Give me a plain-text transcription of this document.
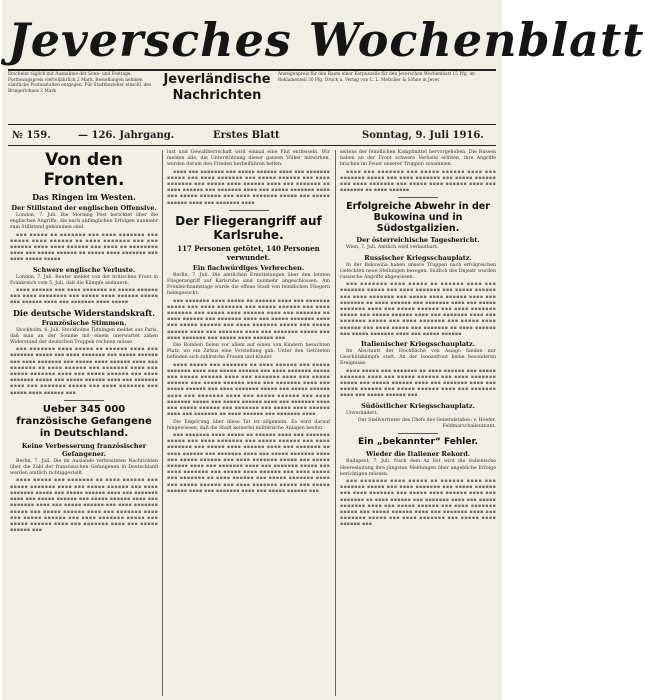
Jeversches Wochenblatt
Erscheint täglich mit Ausnahme der Sonn- und Festtage. Postbezugspreis vierteljährlich 2 Mark, Bestellungen nehmen sämtliche Postanstalten entgegen. Für Stadtbezieher einschl. des Bringerlohnes 2 Mark
Jeverländische
Nachrichten
Anzeigenpreis für den Raum einer Korpuszeile für den Jeverschen Wochenblatt 15 Pfg. im Reklamenteil 30 Pfg. Druck u. Verlag von C. L. Mettcker & Söhne in Jever
№ 159.	— 126. Jahrgang.	Erstes Blatt	Sonntag, 9. Juli 1916.
Von den Fronten.
Das Ringen im Westen.
Der Stillstand der englischen Offensive.

London, 7. Juli. Die Morning Post berichtet über die englischen Angriffe, die nach anfänglichen Erfolgen nunmehr zum Stillstand gekommen sind.

▪▪▪ ▪▪▪▪▪ ▪▪ ▪▪▪▪▪▪▪ ▪▪▪ ▪▪▪▪ ▪▪▪▪▪▪▪ ▪▪▪ ▪▪▪▪▪ ▪▪▪▪ ▪▪▪▪▪▪ ▪▪ ▪▪▪▪ ▪▪▪▪▪▪▪ ▪▪▪ ▪▪▪ ▪▪▪▪▪▪ ▪▪▪▪ ▪▪▪▪ ▪▪▪▪▪▪ ▪▪▪ ▪▪▪▪ ▪▪ ▪▪▪▪▪▪▪▪ ▪▪▪▪ ▪▪▪ ▪▪▪▪▪ ▪▪▪▪▪▪ ▪▪ ▪▪▪▪▪ ▪▪▪▪ ▪▪▪▪▪▪▪ ▪▪▪ ▪▪▪▪ ▪▪▪▪▪ ▪▪▪▪▪

Schwere englische Verluste.

London, 7. Juli. Reuter meldet von der britischen Front in Frankreich vom 5. Juli, daß die Kämpfe andauern.

▪▪▪▪ ▪▪▪▪▪▪ ▪▪▪ ▪▪▪▪ ▪▪▪▪▪▪▪ ▪▪ ▪▪▪▪▪ ▪▪▪▪▪▪ ▪▪▪ ▪▪▪▪ ▪▪▪▪▪▪▪▪ ▪▪▪ ▪▪▪▪▪ ▪▪▪▪ ▪▪▪▪▪▪ ▪▪▪▪▪ ▪▪▪ ▪▪▪▪▪▪ ▪▪▪▪ ▪▪▪ ▪▪▪▪▪▪▪ ▪▪▪▪ ▪▪▪▪▪

Die deutsche Widerstandskraft.
Französische Stimmen.

Stockholm, 6. Juli. Stockholms Tidningen meldet aus Paris, daß man an der Somme mit einem unerwartet zähen Widerstand der deutschen Truppen rechnen müsse.

▪▪▪ ▪▪▪▪▪▪▪ ▪▪▪▪ ▪▪▪▪▪ ▪▪ ▪▪▪▪▪▪ ▪▪▪▪ ▪▪▪ ▪▪▪▪▪▪▪ ▪▪▪▪▪ ▪▪▪ ▪▪▪▪ ▪▪▪▪▪▪▪ ▪▪▪ ▪▪▪▪▪ ▪▪▪▪▪▪ ▪▪▪ ▪▪▪▪ ▪▪▪▪▪▪▪ ▪▪▪ ▪▪▪▪▪ ▪▪▪▪ ▪▪▪▪▪▪ ▪▪▪▪ ▪▪▪ ▪▪▪▪▪▪▪ ▪▪ ▪▪▪▪ ▪▪▪▪▪▪ ▪▪▪ ▪▪▪▪▪▪▪ ▪▪▪▪ ▪▪▪ ▪▪▪▪▪ ▪▪▪▪▪▪▪ ▪▪▪▪ ▪▪▪ ▪▪▪▪▪ ▪▪▪▪▪▪ ▪▪▪ ▪▪▪▪ ▪▪▪▪▪▪▪ ▪▪▪▪▪ ▪▪▪ ▪▪▪▪▪ ▪▪▪▪▪▪ ▪▪▪▪ ▪▪▪ ▪▪▪▪▪▪▪ ▪▪▪▪ ▪▪▪ ▪▪▪▪▪▪▪ ▪▪▪▪▪ ▪▪▪ ▪▪▪▪ ▪▪▪▪▪▪▪ ▪▪▪ ▪▪▪▪▪ ▪▪▪▪ ▪▪▪▪▪▪ ▪▪▪

Ueber 345 000 französische Gefangene in Deutschland.
Keine Verbesserung französischer Gefangener.

Berlin, 7. Juli. Die im Auslande verbreiteten Nachrichten über die Zahl der französischen Gefangenen in Deutschland werden amtlich richtiggestellt.

▪▪▪▪ ▪▪▪▪▪ ▪▪▪ ▪▪▪▪▪▪▪ ▪▪ ▪▪▪▪ ▪▪▪▪▪▪ ▪▪▪ ▪▪▪▪▪ ▪▪▪▪▪▪▪ ▪▪▪▪ ▪▪▪ ▪▪▪▪▪ ▪▪▪▪▪▪ ▪▪▪ ▪▪▪▪ ▪▪▪▪▪▪▪ ▪▪▪▪▪ ▪▪▪ ▪▪▪▪▪ ▪▪▪▪▪▪ ▪▪▪▪ ▪▪▪ ▪▪▪▪▪▪▪ ▪▪▪▪ ▪▪▪ ▪▪▪▪▪ ▪▪▪▪▪▪ ▪▪▪ ▪▪▪▪▪ ▪▪▪▪▪▪ ▪▪▪▪ ▪▪▪ ▪▪▪▪▪▪▪ ▪▪▪▪ ▪▪▪ ▪▪▪▪▪ ▪▪▪▪▪▪ ▪▪▪ ▪▪▪▪ ▪▪▪▪▪▪▪ ▪▪▪▪▪ ▪▪▪ ▪▪▪▪▪ ▪▪▪▪▪▪ ▪▪▪▪ ▪▪▪ ▪▪▪▪▪▪▪ ▪▪▪▪ ▪▪▪ ▪▪▪▪▪ ▪▪▪▪▪▪ ▪▪▪ ▪▪▪▪ ▪▪▪▪▪▪▪ ▪▪▪▪▪ ▪▪▪ ▪▪▪▪▪ ▪▪▪▪▪▪ ▪▪▪▪ ▪▪▪ ▪▪▪▪▪▪▪ ▪▪▪▪ ▪▪▪ ▪▪▪▪▪ ▪▪▪▪▪▪ ▪▪▪

lust und Gewaltherrschaft wird einmal eine Flut entfesseln. Wir melden alle, die Unterstützung dieser ganzen Völker mitwirken, werden darum den Frieden herbeiführen helfen.

▪▪▪▪ ▪▪▪ ▪▪▪▪▪▪▪ ▪▪▪ ▪▪▪▪▪ ▪▪▪▪▪▪ ▪▪▪▪ ▪▪▪ ▪▪▪▪▪▪▪ ▪▪▪▪▪ ▪▪▪ ▪▪▪▪ ▪▪▪▪▪▪▪ ▪▪▪ ▪▪▪▪▪ ▪▪▪▪▪▪ ▪▪▪ ▪▪▪▪ ▪▪▪▪▪▪▪ ▪▪▪ ▪▪▪▪▪ ▪▪▪▪ ▪▪▪▪▪▪ ▪▪▪▪ ▪▪▪ ▪▪▪▪▪▪▪ ▪▪ ▪▪▪▪ ▪▪▪▪▪▪ ▪▪▪ ▪▪▪▪▪▪▪ ▪▪▪▪ ▪▪▪ ▪▪▪▪▪ ▪▪▪▪▪▪▪ ▪▪▪▪ ▪▪▪ ▪▪▪▪▪ ▪▪▪▪▪▪ ▪▪▪ ▪▪▪▪ ▪▪▪▪▪▪▪ ▪▪▪▪▪ ▪▪▪ ▪▪▪▪▪ ▪▪▪▪▪▪ ▪▪▪▪ ▪▪▪ ▪▪▪▪▪▪▪ ▪▪▪▪

Der Fliegerangriff auf Karlsruhe.
117 Personen getötet, 140 Personen verwundet.
Ein flachwürdiges Verbrechen.

Berlin, 7. Juli. Die amtlichen Ermittelungen über den letzten Fliegerangriff auf Karlsruhe sind nunmehr abgeschlossen. Am Fronleichnamstage wurde die offene Stadt von feindlichen Fliegern heimgesucht.

▪▪▪ ▪▪▪▪▪▪▪ ▪▪▪▪ ▪▪▪▪▪ ▪▪ ▪▪▪▪▪▪ ▪▪▪▪ ▪▪▪ ▪▪▪▪▪▪▪ ▪▪▪▪▪ ▪▪▪ ▪▪▪▪ ▪▪▪▪▪▪▪ ▪▪▪ ▪▪▪▪▪ ▪▪▪▪▪▪ ▪▪▪ ▪▪▪▪ ▪▪▪▪▪▪▪ ▪▪▪ ▪▪▪▪▪ ▪▪▪▪ ▪▪▪▪▪▪ ▪▪▪▪ ▪▪▪ ▪▪▪▪▪▪▪ ▪▪ ▪▪▪▪ ▪▪▪▪▪▪ ▪▪▪ ▪▪▪▪▪▪▪ ▪▪▪▪ ▪▪▪ ▪▪▪▪▪ ▪▪▪▪▪▪▪ ▪▪▪▪ ▪▪▪ ▪▪▪▪▪ ▪▪▪▪▪▪ ▪▪▪ ▪▪▪▪ ▪▪▪▪▪▪▪ ▪▪▪▪▪ ▪▪▪ ▪▪▪▪▪ ▪▪▪▪▪▪ ▪▪▪▪ ▪▪▪ ▪▪▪▪▪▪▪ ▪▪▪▪ ▪▪▪ ▪▪▪▪▪▪▪ ▪▪▪▪▪ ▪▪▪ ▪▪▪▪ ▪▪▪▪▪▪▪ ▪▪▪ ▪▪▪▪▪ ▪▪▪▪ ▪▪▪▪▪▪ ▪▪▪

Die Bomben fielen vor allem auf einen von Kindern besuchten Platz, wo ein Zirkus eine Vorstellung gab. Unter den Getöteten befinden sich zahlreiche Frauen und Kinder.

▪▪▪▪ ▪▪▪▪▪ ▪▪▪ ▪▪▪▪▪▪▪ ▪▪ ▪▪▪▪ ▪▪▪▪▪▪ ▪▪▪ ▪▪▪▪▪ ▪▪▪▪▪▪▪ ▪▪▪▪ ▪▪▪ ▪▪▪▪▪ ▪▪▪▪▪▪ ▪▪▪ ▪▪▪▪ ▪▪▪▪▪▪▪ ▪▪▪▪▪ ▪▪▪ ▪▪▪▪▪ ▪▪▪▪▪▪ ▪▪▪▪ ▪▪▪ ▪▪▪▪▪▪▪ ▪▪▪▪ ▪▪▪ ▪▪▪▪▪ ▪▪▪▪▪▪ ▪▪▪ ▪▪▪▪▪ ▪▪▪▪▪▪ ▪▪▪▪ ▪▪▪ ▪▪▪▪▪▪▪ ▪▪▪▪ ▪▪▪ ▪▪▪▪▪ ▪▪▪▪▪▪ ▪▪▪ ▪▪▪▪ ▪▪▪▪▪▪▪ ▪▪▪▪▪ ▪▪▪ ▪▪▪▪▪ ▪▪▪▪▪▪ ▪▪▪▪ ▪▪▪ ▪▪▪▪▪▪▪ ▪▪▪▪ ▪▪▪ ▪▪▪▪▪ ▪▪▪▪▪▪ ▪▪▪ ▪▪▪▪ ▪▪▪▪▪▪▪ ▪▪▪▪▪ ▪▪▪ ▪▪▪▪▪ ▪▪▪▪▪▪ ▪▪▪▪ ▪▪▪ ▪▪▪▪▪▪▪ ▪▪▪▪ ▪▪▪ ▪▪▪▪▪ ▪▪▪▪▪▪ ▪▪▪ ▪▪▪▪▪▪▪ ▪▪▪ ▪▪▪▪▪ ▪▪▪▪ ▪▪▪▪▪▪ ▪▪▪▪ ▪▪▪ ▪▪▪▪▪▪▪ ▪▪ ▪▪▪▪ ▪▪▪▪▪▪ ▪▪▪ ▪▪▪▪▪▪▪ ▪▪▪▪

Die Empörung über diese Tat ist allgemein. Es wird darauf hingewiesen, daß die Stadt keinerlei militärische Anlagen besitzt.

▪▪▪ ▪▪▪▪▪▪▪ ▪▪▪▪ ▪▪▪▪▪ ▪▪ ▪▪▪▪▪▪ ▪▪▪▪ ▪▪▪ ▪▪▪▪▪▪▪ ▪▪▪▪▪ ▪▪▪ ▪▪▪▪ ▪▪▪▪▪▪▪ ▪▪▪ ▪▪▪▪▪ ▪▪▪▪▪▪ ▪▪▪ ▪▪▪▪ ▪▪▪▪▪▪▪ ▪▪▪ ▪▪▪▪▪ ▪▪▪▪ ▪▪▪▪▪▪ ▪▪▪▪ ▪▪▪ ▪▪▪▪▪▪▪ ▪▪ ▪▪▪▪ ▪▪▪▪▪▪ ▪▪▪ ▪▪▪▪▪▪▪ ▪▪▪▪ ▪▪▪ ▪▪▪▪▪ ▪▪▪▪▪▪▪ ▪▪▪▪ ▪▪▪ ▪▪▪▪▪ ▪▪▪▪▪▪ ▪▪▪ ▪▪▪▪ ▪▪▪▪▪▪▪ ▪▪▪▪▪ ▪▪▪ ▪▪▪▪▪ ▪▪▪▪▪▪ ▪▪▪▪ ▪▪▪ ▪▪▪▪▪▪▪ ▪▪▪▪ ▪▪▪ ▪▪▪▪▪▪▪ ▪▪▪▪▪ ▪▪▪ ▪▪▪▪ ▪▪▪▪▪▪▪ ▪▪▪ ▪▪▪▪▪ ▪▪▪▪ ▪▪▪▪▪▪ ▪▪▪ ▪▪▪▪ ▪▪▪▪▪ ▪▪▪ ▪▪▪▪▪▪▪ ▪▪ ▪▪▪▪ ▪▪▪▪▪▪ ▪▪▪ ▪▪▪▪▪ ▪▪▪▪▪▪▪ ▪▪▪▪ ▪▪▪ ▪▪▪▪▪ ▪▪▪▪▪▪ ▪▪▪ ▪▪▪▪ ▪▪▪▪▪▪▪ ▪▪▪▪▪ ▪▪▪ ▪▪▪▪▪ ▪▪▪▪▪▪ ▪▪▪▪ ▪▪▪ ▪▪▪▪▪▪▪ ▪▪▪▪ ▪▪▪ ▪▪▪▪▪ ▪▪▪▪▪▪ ▪▪▪

seitens der feindlichen Kampfmittel hervorgehoben. Die Russen haben an der Front schwere Verluste erlitten, ihre Angriffe brachen im Feuer unserer Truppen zusammen.

▪▪▪▪ ▪▪▪ ▪▪▪▪▪▪▪ ▪▪▪ ▪▪▪▪▪ ▪▪▪▪▪▪ ▪▪▪▪ ▪▪▪ ▪▪▪▪▪▪▪ ▪▪▪▪▪ ▪▪▪ ▪▪▪▪ ▪▪▪▪▪▪▪ ▪▪▪ ▪▪▪▪▪ ▪▪▪▪▪▪ ▪▪▪ ▪▪▪▪ ▪▪▪▪▪▪▪ ▪▪▪ ▪▪▪▪▪ ▪▪▪▪ ▪▪▪▪▪▪ ▪▪▪▪ ▪▪▪ ▪▪▪▪▪▪▪ ▪▪ ▪▪▪▪ ▪▪▪▪▪▪

Erfolgreiche Abwehr in der Bukowina und in Südostgalizien.
Der österreichische Tagesbericht.

Wien, 7. Juli. Amtlich wird verlautbart:

Russischer Kriegsschauplatz.

In der Bukowina haben unsere Truppen nach erfolgreichen Gefechten neue Stellungen bezogen. Südlich des Dnjestr wurden russische Angriffe abgewiesen.

▪▪▪ ▪▪▪▪▪▪▪ ▪▪▪▪ ▪▪▪▪▪ ▪▪ ▪▪▪▪▪▪ ▪▪▪▪ ▪▪▪ ▪▪▪▪▪▪▪ ▪▪▪▪▪ ▪▪▪ ▪▪▪▪ ▪▪▪▪▪▪▪ ▪▪▪ ▪▪▪▪▪ ▪▪▪▪▪▪ ▪▪▪ ▪▪▪▪ ▪▪▪▪▪▪▪ ▪▪▪ ▪▪▪▪▪ ▪▪▪▪ ▪▪▪▪▪▪ ▪▪▪▪ ▪▪▪ ▪▪▪▪▪▪▪ ▪▪ ▪▪▪▪ ▪▪▪▪▪▪ ▪▪▪ ▪▪▪▪▪▪▪ ▪▪▪▪ ▪▪▪ ▪▪▪▪▪ ▪▪▪▪▪▪▪ ▪▪▪▪ ▪▪▪ ▪▪▪▪▪ ▪▪▪▪▪▪ ▪▪▪ ▪▪▪▪ ▪▪▪▪▪▪▪ ▪▪▪▪▪ ▪▪▪ ▪▪▪▪▪ ▪▪▪▪▪▪ ▪▪▪▪ ▪▪▪ ▪▪▪▪▪▪▪ ▪▪▪▪ ▪▪▪ ▪▪▪▪▪▪▪ ▪▪▪▪▪ ▪▪▪ ▪▪▪▪ ▪▪▪▪▪▪▪ ▪▪▪ ▪▪▪▪▪ ▪▪▪▪ ▪▪▪▪▪▪ ▪▪▪ ▪▪▪▪ ▪▪▪▪▪ ▪▪▪ ▪▪▪▪▪▪▪ ▪▪ ▪▪▪▪ ▪▪▪▪▪▪ ▪▪▪ ▪▪▪▪▪ ▪▪▪▪▪▪▪ ▪▪▪▪ ▪▪▪ ▪▪▪▪▪ ▪▪▪▪▪▪

Italienischer Kriegsschauplatz.

Im Abschnitt der Hochfläche von Asiago fanden nur Geschützkämpfe statt. An der Isonzofront keine besonderen Ereignisse.

▪▪▪▪ ▪▪▪▪▪ ▪▪▪ ▪▪▪▪▪▪▪ ▪▪ ▪▪▪▪ ▪▪▪▪▪▪ ▪▪▪ ▪▪▪▪▪ ▪▪▪▪▪▪▪ ▪▪▪▪ ▪▪▪ ▪▪▪▪▪ ▪▪▪▪▪▪ ▪▪▪ ▪▪▪▪ ▪▪▪▪▪▪▪ ▪▪▪▪▪ ▪▪▪ ▪▪▪▪▪ ▪▪▪▪▪▪ ▪▪▪▪ ▪▪▪ ▪▪▪▪▪▪▪ ▪▪▪▪ ▪▪▪ ▪▪▪▪▪ ▪▪▪▪▪▪ ▪▪▪ ▪▪▪▪▪ ▪▪▪▪▪▪ ▪▪▪▪ ▪▪▪ ▪▪▪▪▪▪▪ ▪▪▪▪ ▪▪▪ ▪▪▪▪▪ ▪▪▪▪▪▪ ▪▪▪

Südöstlicher Kriegsschauplatz.

Unverändert.

Der Stellvertreter des Chefs des Generalstabes: v. Hoefer, Feldmarschalleutnant.

Ein „bekannter“ Fehler.
Wieder die Italiener Rekord.

Budapest, 7. Juli. Nach dem Az Est wird die italienische Heeresleitung ihre jüngsten Meldungen über angebliche Erfolge berichtigen müssen.

▪▪▪ ▪▪▪▪▪▪▪ ▪▪▪▪ ▪▪▪▪▪ ▪▪ ▪▪▪▪▪▪ ▪▪▪▪ ▪▪▪ ▪▪▪▪▪▪▪ ▪▪▪▪▪ ▪▪▪ ▪▪▪▪ ▪▪▪▪▪▪▪ ▪▪▪ ▪▪▪▪▪ ▪▪▪▪▪▪ ▪▪▪ ▪▪▪▪ ▪▪▪▪▪▪▪ ▪▪▪ ▪▪▪▪▪ ▪▪▪▪ ▪▪▪▪▪▪ ▪▪▪▪ ▪▪▪ ▪▪▪▪▪▪▪ ▪▪ ▪▪▪▪ ▪▪▪▪▪▪ ▪▪▪ ▪▪▪▪▪▪▪ ▪▪▪▪ ▪▪▪ ▪▪▪▪▪ ▪▪▪▪▪▪▪ ▪▪▪▪ ▪▪▪ ▪▪▪▪▪ ▪▪▪▪▪▪ ▪▪▪ ▪▪▪▪ ▪▪▪▪▪▪▪ ▪▪▪▪▪ ▪▪▪ ▪▪▪▪▪ ▪▪▪▪▪▪ ▪▪▪▪ ▪▪▪ ▪▪▪▪▪▪▪ ▪▪▪▪ ▪▪▪ ▪▪▪▪▪▪▪ ▪▪▪▪▪ ▪▪▪ ▪▪▪▪ ▪▪▪▪▪▪▪ ▪▪▪ ▪▪▪▪▪ ▪▪▪▪ ▪▪▪▪▪▪ ▪▪▪
